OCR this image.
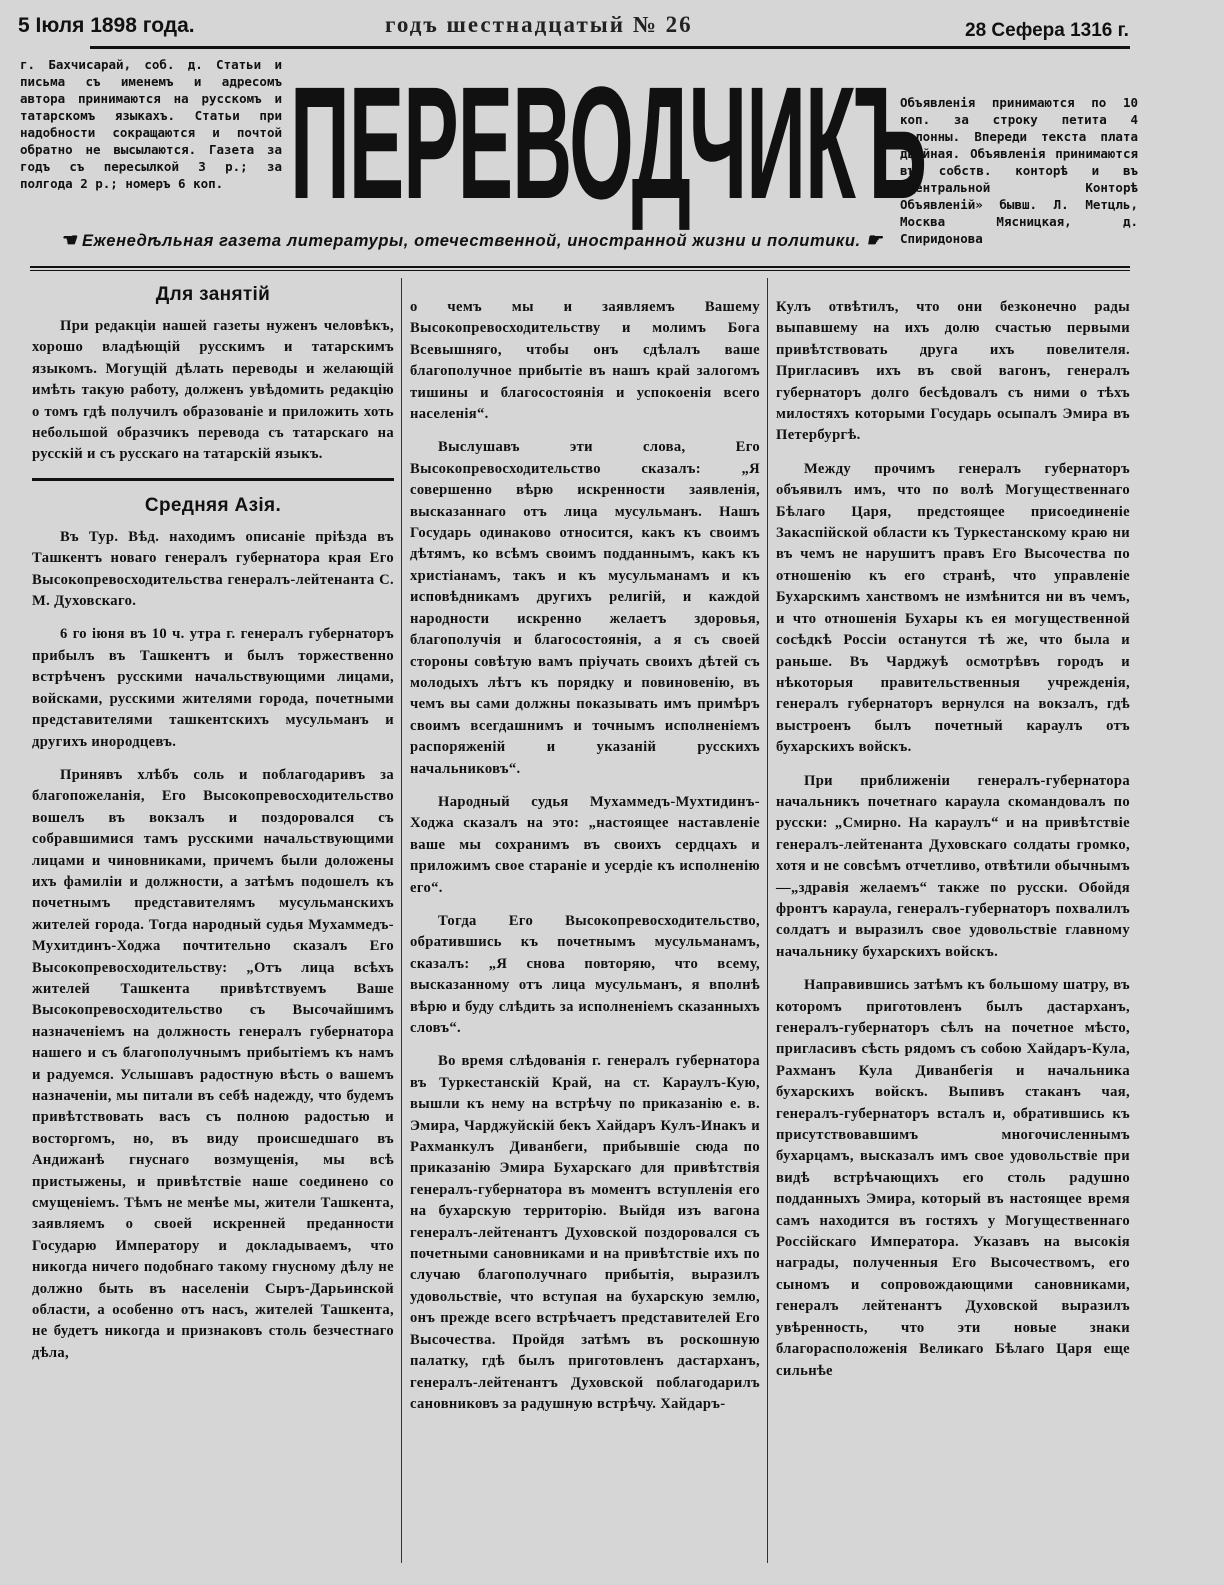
5 Іюля 1898 года.	годъ шестнадцатый № 26	28 Сефера 1316 г.
г. Бахчисарай, соб. д. Статьи и письма съ именемъ и адресомъ автора принимаются на русскомъ и татарскомъ языкахъ. Статьи при надобности сокращаются и почтой обратно не высылаются. Газета за годъ съ пересылкой 3 р.; за полгода 2 р.; номеръ 6 коп. ПЕРЕВОДЧИКЪ
Объявленія принимаются по 10 коп. за строку петита 4 колонны. Впереди текста плата двойная. Объявленія принимаются въ собств. конторѣ и въ «Центральной Конторѣ Объявленій» бывш. Л. Метцль, Москва Мясницкая, д. Спиридонова
☚ Еженедѣльная газета литературы, отечественной, иностранной жизни и политики. ☛
Для занятій

При редакціи нашей газеты нуженъ человѣкъ, хорошо владѣющій русскимъ и татарскимъ языкомъ. Могущій дѣлать переводы и желающій имѣть такую работу, долженъ увѣдомить редакцію о томъ гдѣ получилъ образованіе и приложить хоть небольшой образчикъ перевода съ татарскаго на русскій и съ русскаго на татарскій языкъ.

Средняя Азія.

Въ Тур. Вѣд. находимъ описаніе пріѣзда въ Ташкентъ новаго генералъ губернатора края Его Высокопревосходительства генералъ-лейтенанта С. М. Духовскаго.

6 го іюня въ 10 ч. утра г. генералъ губернаторъ прибылъ въ Ташкентъ и былъ торжественно встрѣченъ русскими начальствующими лицами, войсками, русскими жителями города, почетными представителями ташкентскихъ мусульманъ и другихъ инородцевъ.

Принявъ хлѣбъ соль и поблагодаривъ за благопожеланія, Его Высокопревосходительство вошелъ въ вокзалъ и поздоровался съ собравшимися тамъ русскими начальствующими лицами и чиновниками, причемъ были доложены ихъ фамиліи и должности, а затѣмъ подошелъ къ почетнымъ представителямъ мусульманскихъ жителей города. Тогда народный судья Мухаммедъ-Мухитдинъ-Ходжа почтительно сказалъ Его Высокопревосходительству: „Отъ лица всѣхъ жителей Ташкента привѣтствуемъ Ваше Высокопревосходительство съ Высочайшимъ назначеніемъ на должность генералъ губернатора нашего и съ благополучнымъ прибытіемъ къ намъ и радуемся. Услышавъ радостную вѣсть о вашемъ назначеніи, мы питали въ себѣ надежду, что будемъ привѣтствовать васъ съ полною радостью и восторгомъ, но, въ виду происшедшаго въ Андижанѣ гнуснаго возмущенія, мы всѣ пристыжены, и привѣтствіе наше соединено со смущеніемъ. Тѣмъ не менѣе мы, жители Ташкента, заявляемъ о своей искренней преданности Государю Императору и докладываемъ, что никогда ничего подобнаго такому гнусному дѣлу не должно быть въ населеніи Сыръ-Дарьинской области, а особенно отъ насъ, жителей Ташкента, не будетъ никогда и признаковъ столь безчестнаго дѣла,

о чемъ мы и заявляемъ Вашему Высокопревосходительству и молимъ Бога Всевышняго, чтобы онъ сдѣлалъ ваше благополучное прибытіе въ нашъ край залогомъ тишины и благосостоянія и успокоенія всего населенія“.

Выслушавъ эти слова, Его Высокопревосходительство сказалъ: „Я совершенно вѣрю искренности заявленія, высказаннаго отъ лица мусульманъ. Нашъ Государь одинаково относится, какъ къ своимъ дѣтямъ, ко всѣмъ своимъ подданнымъ, какъ къ христіанамъ, такъ и къ мусульманамъ и къ исповѣдникамъ другихъ религій, и каждой народности искренно желаетъ здоровья, благополучія и благосостоянія, а я съ своей стороны совѣтую вамъ пріучать своихъ дѣтей съ молодыхъ лѣтъ къ порядку и повиновенію, въ чемъ вы сами должны показывать имъ примѣръ своимъ всегдашнимъ и точнымъ исполненіемъ распоряженій и указаній русскихъ начальниковъ“.

Народный судья Мухаммедъ-Мухтидинъ-Ходжа сказалъ на это: „настоящее наставленіе ваше мы сохранимъ въ своихъ сердцахъ и приложимъ свое стараніе и усердіе къ исполненію его“.

Тогда Его Высокопревосходительство, обратившись къ почетнымъ мусульманамъ, сказалъ: „Я снова повторяю, что всему, высказанному отъ лица мусульманъ, я вполнѣ вѣрю и буду слѣдить за исполненіемъ сказанныхъ словъ“.

Во время слѣдованія г. генералъ губернатора въ Туркестанскій Край, на ст. Караулъ-Кую, вышли къ нему на встрѣчу по приказанію е. в. Эмира, Чарджуйскій бекъ Хайдаръ Кулъ-Инакъ и Рахманкулъ Диванбеги, прибывшіе сюда по приказанію Эмира Бухарскаго для привѣтствія генералъ-губернатора въ моментъ вступленія его на бухарскую территорію. Выйдя изъ вагона генералъ-лейтенантъ Духовской поздоровался съ почетными сановниками и на привѣтствіе ихъ по случаю благополучнаго прибытія, выразилъ удовольствіе, что вступая на бухарскую землю, онъ прежде всего встрѣчаетъ представителей Его Высочества. Пройдя затѣмъ въ роскошную палатку, гдѣ былъ приготовленъ дастарханъ, генералъ-лейтенантъ Духовской поблагодарилъ сановниковъ за радушную встрѣчу. Хайдаръ-

Кулъ отвѣтилъ, что они безконечно рады выпавшему на ихъ долю счастью первыми привѣтствовать друга ихъ повелителя. Пригласивъ ихъ въ свой вагонъ, генералъ губернаторъ долго бесѣдовалъ съ ними о тѣхъ милостяхъ которыми Государь осыпалъ Эмира въ Петербургѣ.

Между прочимъ генералъ губернаторъ объявилъ имъ, что по волѣ Могущественнаго Бѣлаго Царя, предстоящее присоединеніе Закаспійской области къ Туркестанскому краю ни въ чемъ не нарушитъ правъ Его Высочества по отношенію къ его странѣ, что управленіе Бухарскимъ ханствомъ не измѣнится ни въ чемъ, и что отношенія Бухары къ ея могущественной сосѣдкѣ Россіи останутся тѣ же, что была и раньше. Въ Чарджуѣ осмотрѣвъ городъ и нѣкоторыя правительственныя учрежденія, генералъ губернаторъ вернулся на вокзалъ, гдѣ выстроенъ былъ почетный караулъ отъ бухарскихъ войскъ.

При приближеніи генералъ-губернатора начальникъ почетнаго караула скомандовалъ по русски: „Смирно. На караулъ“ и на привѣтствіе генералъ-лейтенанта Духовскаго солдаты громко, хотя и не совсѣмъ отчетливо, отвѣтили обычнымъ—„здравія желаемъ“ также по русски. Обойдя фронтъ караула, генералъ-губернаторъ похвалилъ солдатъ и выразилъ свое удовольствіе главному начальнику бухарскихъ войскъ.

Направившись затѣмъ къ большому шатру, въ которомъ приготовленъ былъ дастарханъ, генералъ-губернаторъ сѣлъ на почетное мѣсто, пригласивъ сѣсть рядомъ съ собою Хайдаръ-Кула, Рахманъ Кула Диванбегія и начальника бухарскихъ войскъ. Выпивъ стаканъ чая, генералъ-губернаторъ всталъ и, обратившись къ присутствовавшимъ многочисленнымъ бухарцамъ, высказалъ имъ свое удовольствіе при видѣ встрѣчающихъ его столь радушно подданныхъ Эмира, который въ настоящее время самъ находится въ гостяхъ у Могущественнаго Россійскаго Императора. Указавъ на высокія награды, полученныя Его Высочествомъ, его сыномъ и сопровождающими сановниками, генералъ лейтенантъ Духовской выразилъ увѣренность, что эти новые знаки благорасположенія Великаго Бѣлаго Царя еще сильнѣе
